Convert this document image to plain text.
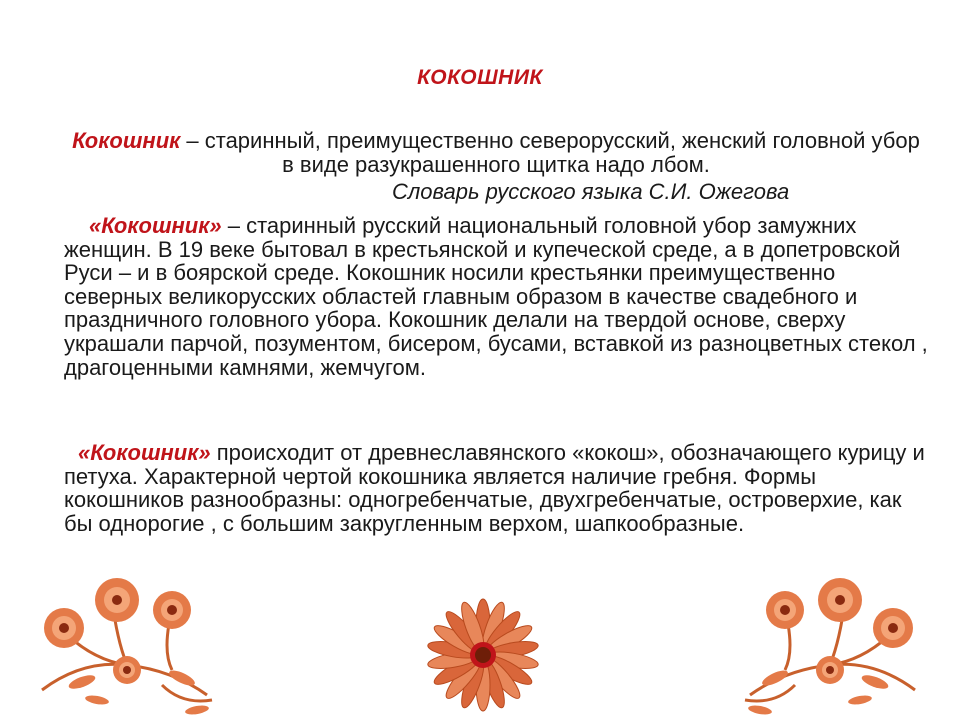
КОКОШНИК
Кокошник – старинный, преимущественно северорусский, женский головной убор в виде разукрашенного щитка надо лбом.
Словарь русского языка С.И. Ожегова
«Кокошник» – старинный русский национальный головной убор замужних женщин. В 19 веке бытовал в крестьянской и купеческой среде, а в допетровской Руси – и в боярской среде. Кокошник носили крестьянки преимущественно северных великорусских областей главным образом в качестве свадебного и праздничного головного убора. Кокошник делали на твердой основе, сверху украшали парчой, позументом, бисером, бусами, вставкой из разноцветных стекол , драгоценными камнями, жемчугом.
«Кокошник» происходит от древнеславянского «кокош», обозначающего курицу и петуха. Характерной чертой кокошника является наличие гребня. Формы кокошников разнообразны: одногребенчатые, двухгребенчатые, островерхие, как бы однорогие , с большим закругленным верхом, шапкообразные.
